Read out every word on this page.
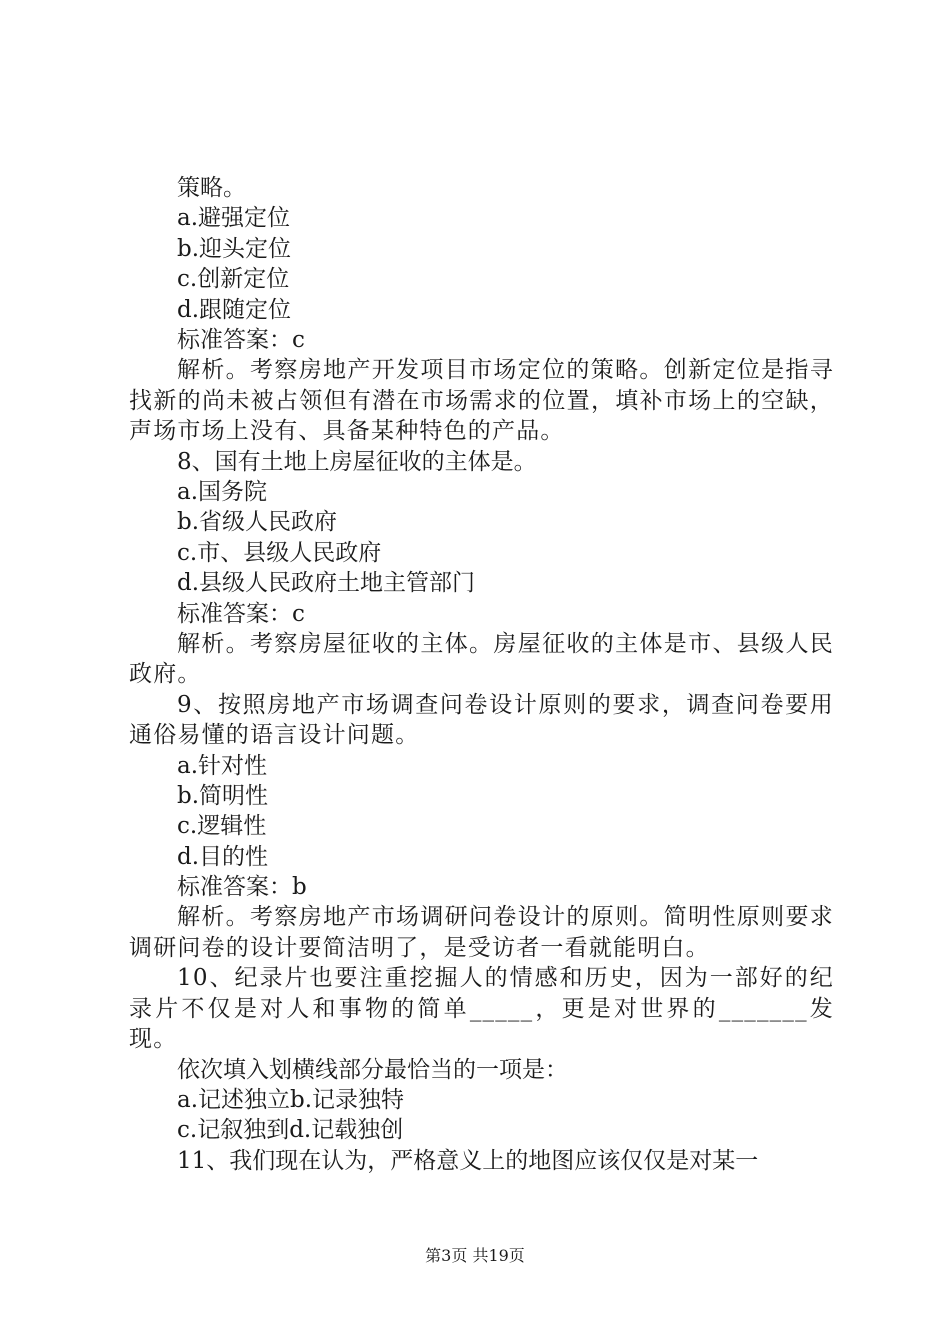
策略。
a.避强定位
b.迎头定位
c.创新定位
d.跟随定位
标准答案：c
解析。考察房地产开发项目市场定位的策略。创新定位是指寻找新的尚未被占领但有潜在市场需求的位置，填补市场上的空缺，声场市场上没有、具备某种特色的产品。
8、国有土地上房屋征收的主体是。
a.国务院
b.省级人民政府
c.市、县级人民政府
d.县级人民政府土地主管部门
标准答案：c
解析。考察房屋征收的主体。房屋征收的主体是市、县级人民政府。
9、按照房地产市场调查问卷设计原则的要求，调查问卷要用通俗易懂的语言设计问题。
a.针对性
b.简明性
c.逻辑性
d.目的性
标准答案：b
解析。考察房地产市场调研问卷设计的原则。简明性原则要求调研问卷的设计要简洁明了，是受访者一看就能明白。
10、纪录片也要注重挖掘人的情感和历史，因为一部好的纪录片不仅是对人和事物的简单_____，更是对世界的_______发现。
依次填入划横线部分最恰当的一项是：
a.记述独立b.记录独特
c.记叙独到d.记载独创
11、我们现在认为，严格意义上的地图应该仅仅是对某一
第3页 共19页
